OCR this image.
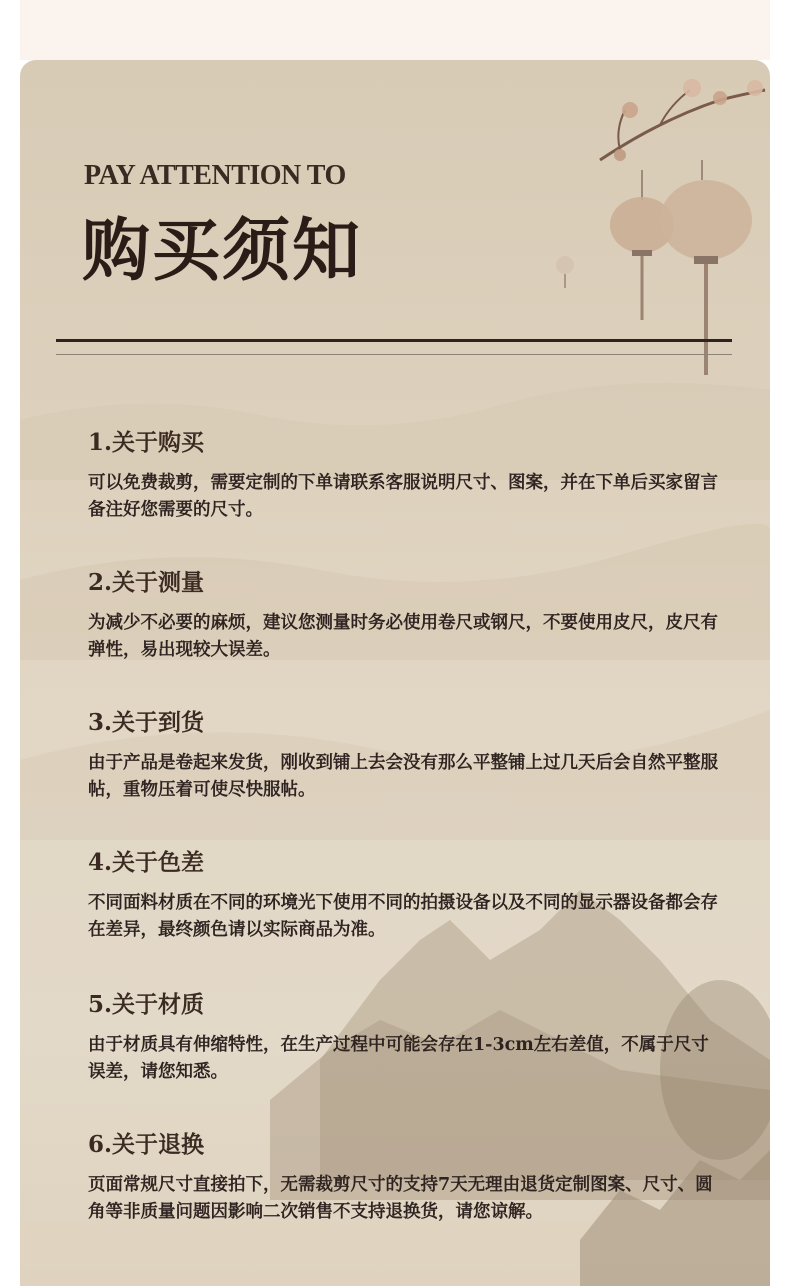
PAY ATTENTION TO
购买须知
1.关于购买

可以免费裁剪，需要定制的下单请联系客服说明尺寸、图案，并在下单后买家留言备注好您需要的尺寸。

2.关于测量

为减少不必要的麻烦，建议您测量时务必使用卷尺或钢尺，不要使用皮尺，皮尺有弹性，易出现较大误差。

3.关于到货

由于产品是卷起来发货，刚收到铺上去会没有那么平整铺上过几天后会自然平整服帖，重物压着可使尽快服帖。

4.关于色差

不同面料材质在不同的环境光下使用不同的拍摄设备以及不同的显示器设备都会存在差异，最终颜色请以实际商品为准。

5.关于材质

由于材质具有伸缩特性，在生产过程中可能会存在1-3cm左右差值，不属于尺寸误差，请您知悉。

6.关于退换

页面常规尺寸直接拍下，无需裁剪尺寸的支持7天无理由退货定制图案、尺寸、圆角等非质量问题因影响二次销售不支持退换货，请您谅解。
